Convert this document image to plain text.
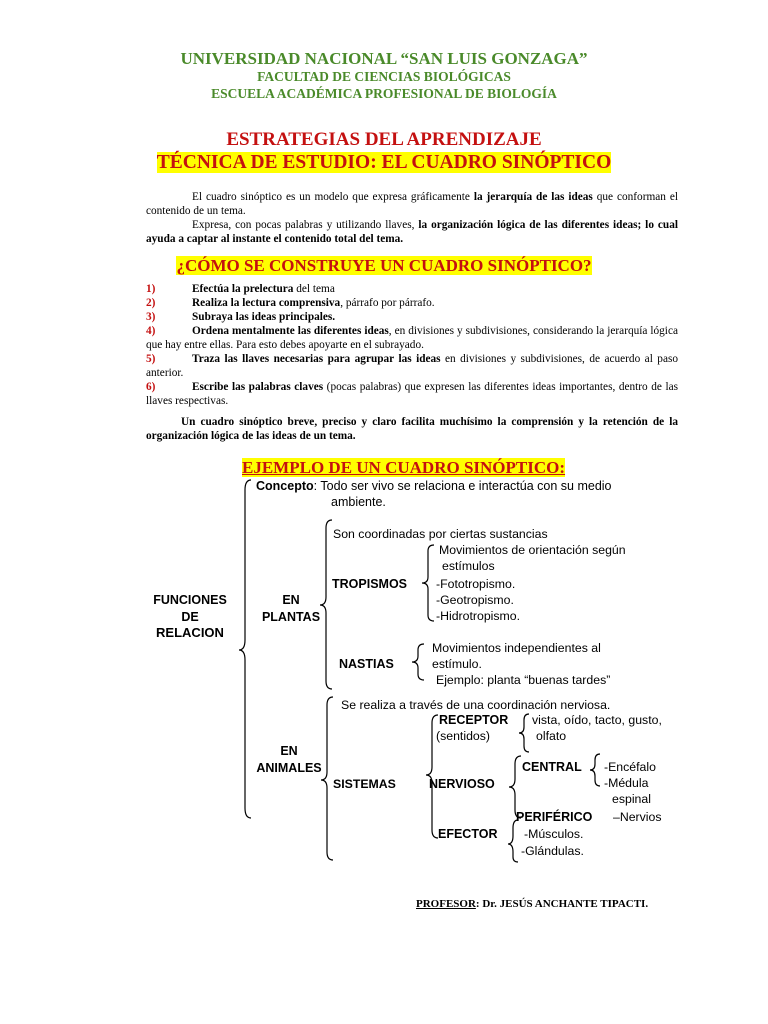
UNIVERSIDAD NACIONAL “SAN LUIS GONZAGA”
FACULTAD DE CIENCIAS BIOLÓGICAS
ESCUELA ACADÉMICA PROFESIONAL DE BIOLOGÍA
ESTRATEGIAS DEL APRENDIZAJE
TÉCNICA DE ESTUDIO: EL CUADRO SINÓPTICO
El cuadro sinóptico es un modelo que expresa gráficamente la jerarquía de las ideas que conforman el contenido de un tema.
Expresa, con pocas palabras y utilizando llaves, la organización lógica de las diferentes ideas; lo cual ayuda a captar al instante el contenido total del tema.
¿CÓMO SE CONSTRUYE UN CUADRO SINÓPTICO?
1)	Efectúa la prelectura del tema
2)	Realiza la lectura comprensiva, párrafo por párrafo.
3)	Subraya las ideas principales.
4)	Ordena mentalmente las diferentes ideas, en divisiones y subdivisiones, considerando la jerarquía lógica que hay entre ellas. Para esto debes apoyarte en el subrayado.
5)	Traza las llaves necesarias para agrupar las ideas en divisiones y subdivisiones, de acuerdo al paso anterior.
6)	Escribe las palabras claves (pocas palabras) que expresen las diferentes ideas importantes, dentro de las llaves respectivas.
Un cuadro sinóptico breve, preciso y claro facilita muchísimo la comprensión y la retención de la organización lógica de las ideas de un tema.
EJEMPLO DE UN CUADRO SINÓPTICO:
FUNCIONES
DE
RELACION
Concepto: Todo ser vivo se relaciona e interactúa con su medio
ambiente.
EN
PLANTAS
Son coordinadas por ciertas sustancias
TROPISMOS
Movimientos de orientación según
estímulos
-Fototropismo.
-Geotropismo.
-Hidrotropismo.
NASTIAS
Movimientos independientes al
estímulo.
Ejemplo: planta “buenas tardes”
EN
ANIMALES
Se realiza a través de una coordinación nerviosa.
SISTEMAS
RECEPTOR
(sentidos)
vista, oído, tacto, gusto,
olfato
NERVIOSO
CENTRAL -Encéfalo
-Médula
espinal
PERIFÉRICO –Nervios
EFECTOR -Músculos.
-Glándulas.
PROFESOR: Dr. JESÚS ANCHANTE TIPACTI.
